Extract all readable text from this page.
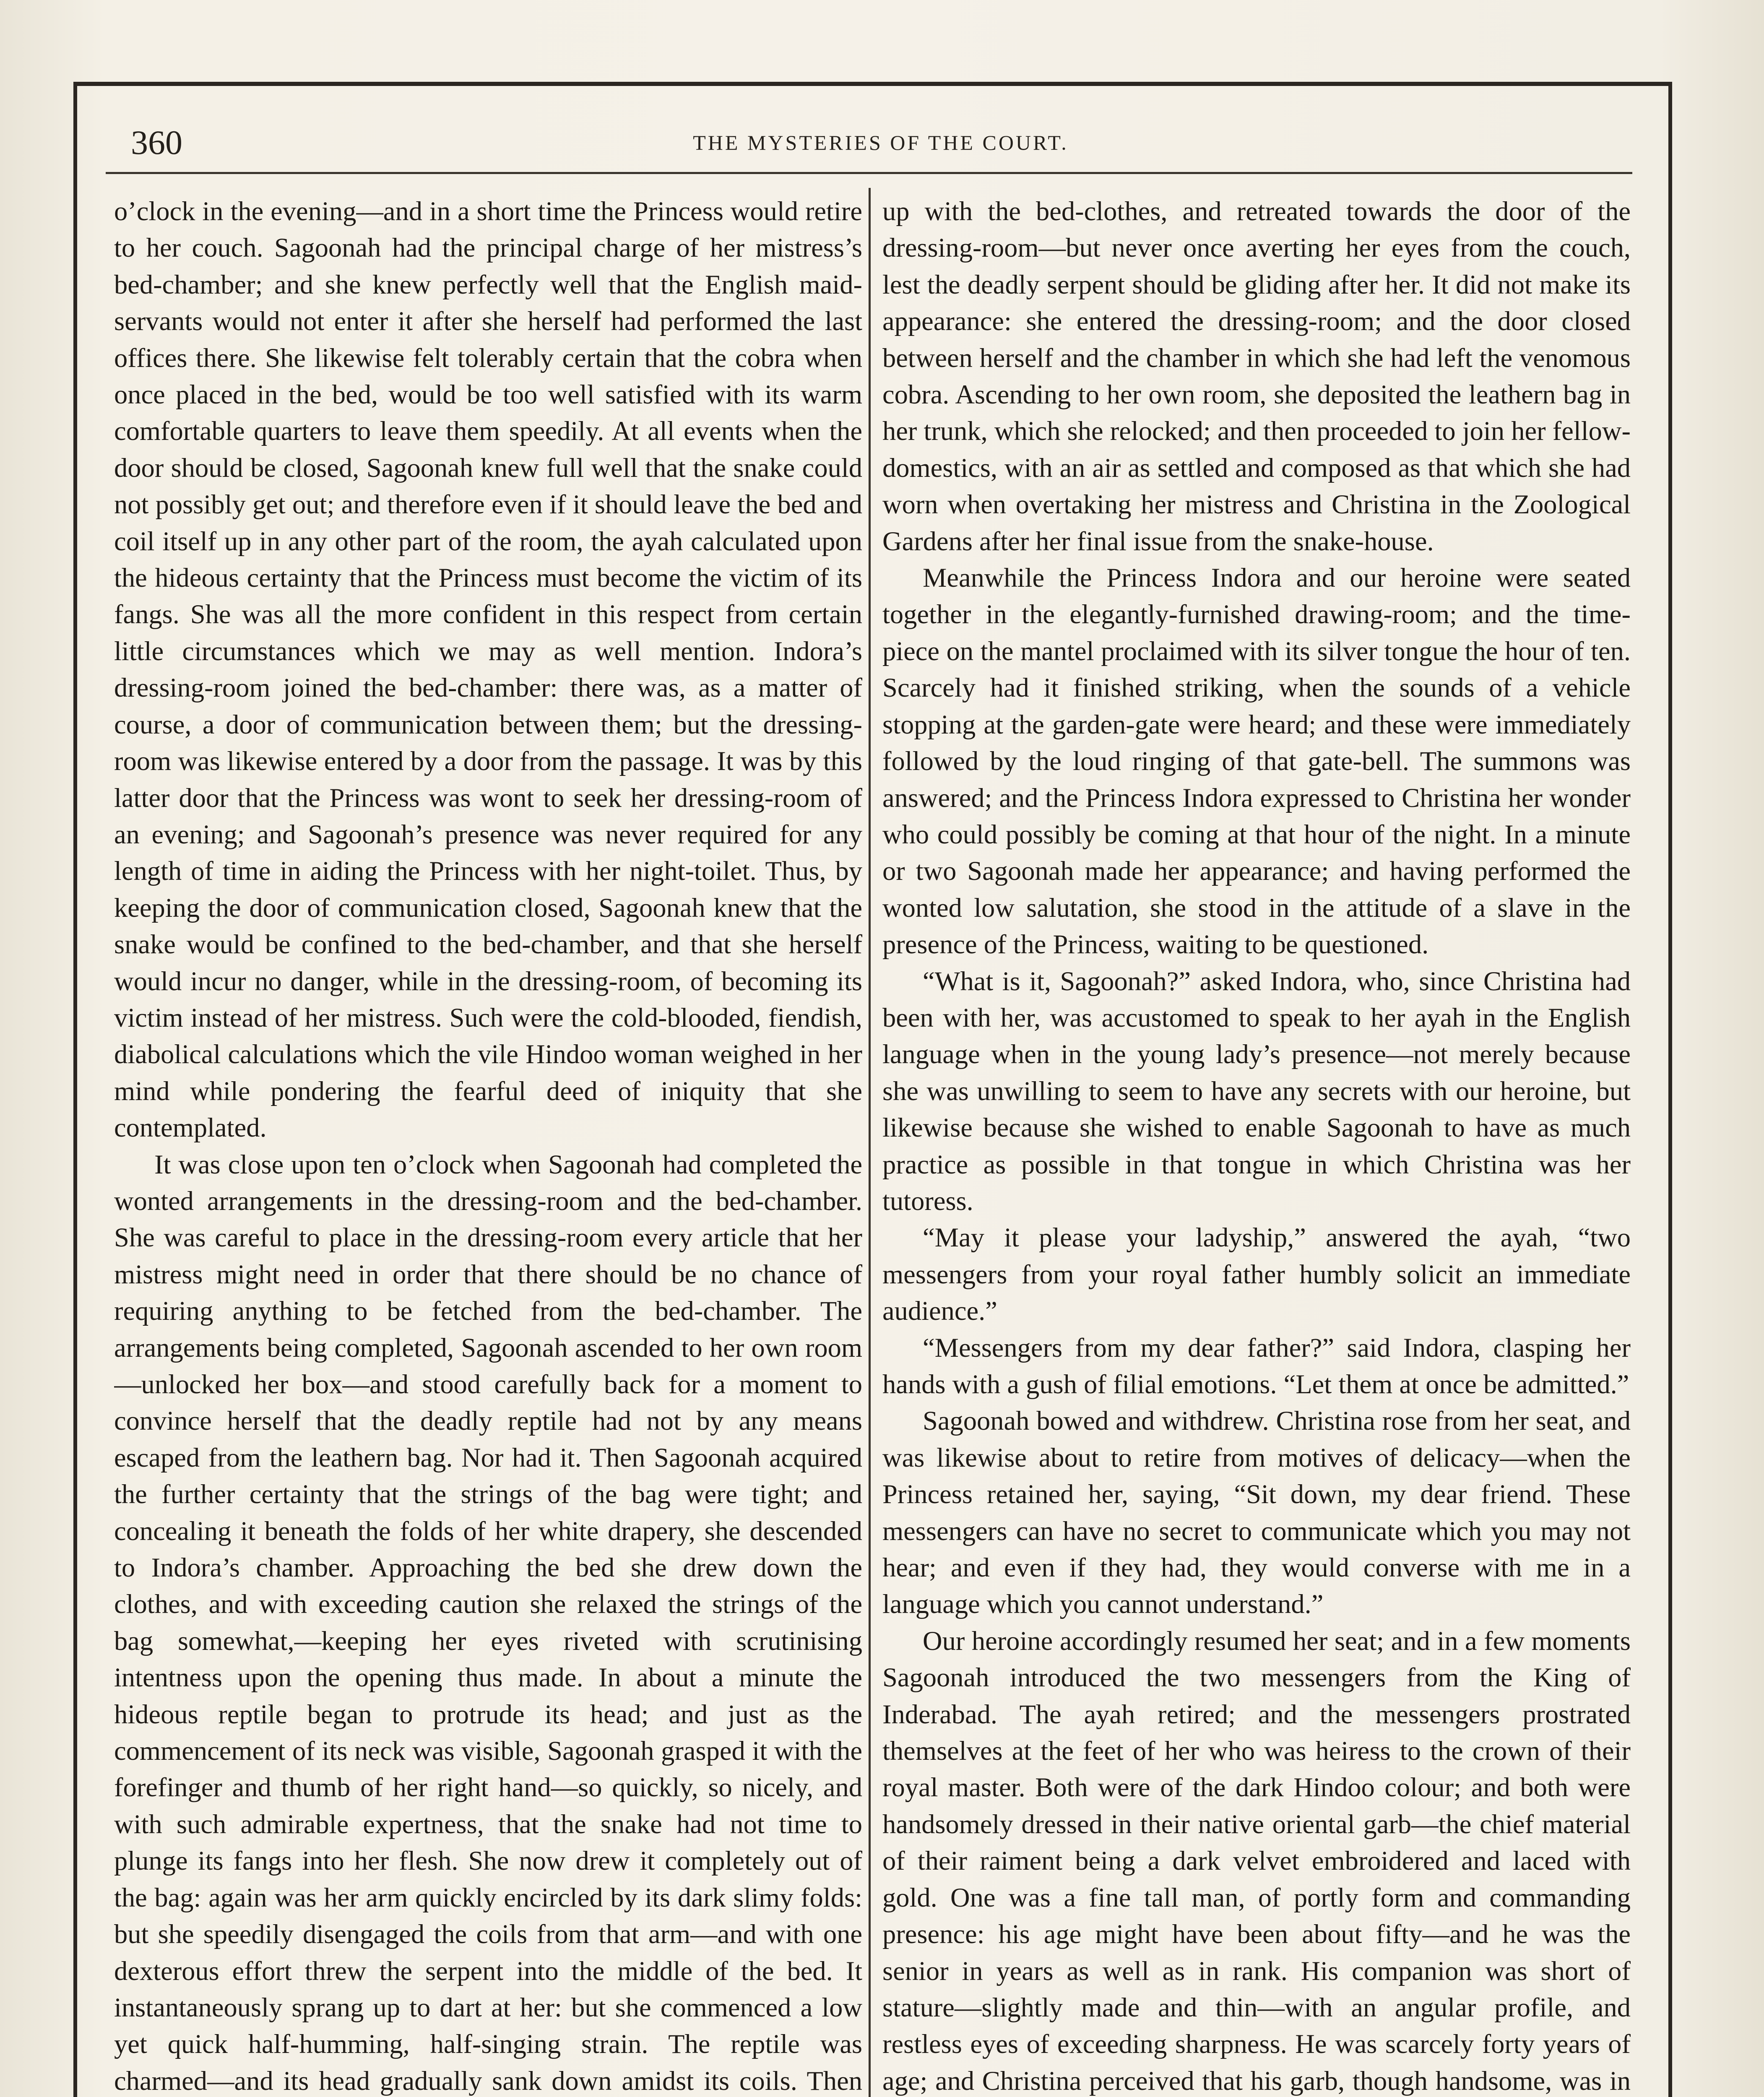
360	THE MYSTERIES OF THE COURT.

o’clock in the evening—and in a short time the Princess would retire to her couch. Sagoonah had the principal charge of her mistress’s bed-chamber; and she knew perfectly well that the English maid-servants would not enter it after she herself had performed the last offices there. She likewise felt tolerably certain that the cobra when once placed in the bed, would be too well satisfied with its warm comfortable quarters to leave them speedily. At all events when the door should be closed, Sagoonah knew full well that the snake could not possibly get out; and therefore even if it should leave the bed and coil itself up in any other part of the room, the ayah calculated upon the hideous certainty that the Princess must become the victim of its fangs. She was all the more confident in this respect from certain little circumstances which we may as well mention. Indora’s dressing-room joined the bed-chamber: there was, as a matter of course, a door of communication between them; but the dressing-room was likewise entered by a door from the passage. It was by this latter door that the Princess was wont to seek her dressing-room of an evening; and Sagoonah’s presence was never required for any length of time in aiding the Princess with her night-toilet. Thus, by keeping the door of communication closed, Sagoonah knew that the snake would be confined to the bed-chamber, and that she herself would incur no danger, while in the dressing-room, of becoming its victim instead of her mistress. Such were the cold-blooded, fiendish, diabolical calculations which the vile Hindoo woman weighed in her mind while pondering the fearful deed of iniquity that she contemplated.

It was close upon ten o’clock when Sagoonah had completed the wonted arrangements in the dressing-room and the bed-chamber. She was careful to place in the dressing-room every article that her mistress might need in order that there should be no chance of requiring anything to be fetched from the bed-chamber. The arrangements being completed, Sagoonah ascended to her own room—unlocked her box—and stood carefully back for a moment to convince herself that the deadly reptile had not by any means escaped from the leathern bag. Nor had it. Then Sagoonah acquired the further certainty that the strings of the bag were tight; and concealing it beneath the folds of her white drapery, she descended to Indora’s chamber. Approaching the bed she drew down the clothes, and with exceeding caution she relaxed the strings of the bag somewhat,—keeping her eyes riveted with scrutinising intentness upon the opening thus made. In about a minute the hideous reptile began to protrude its head; and just as the commencement of its neck was visible, Sagoonah grasped it with the forefinger and thumb of her right hand—so quickly, so nicely, and with such admirable expertness, that the snake had not time to plunge its fangs into her flesh. She now drew it completely out of the bag: again was her arm quickly encircled by its dark slimy folds: but she speedily disengaged the coils from that arm—and with one dexterous effort threw the serpent into the middle of the bed. It instantaneously sprang up to dart at her: but she commenced a low yet quick half-humming, half-singing strain. The reptile was charmed—and its head gradually sank down amidst its coils. Then

up with the bed-clothes, and retreated towards the door of the dressing-room—but never once averting her eyes from the couch, lest the deadly serpent should be gliding after her. It did not make its appearance: she entered the dressing-room; and the door closed between herself and the chamber in which she had left the venomous cobra. Ascending to her own room, she deposited the leathern bag in her trunk, which she relocked; and then proceeded to join her fellow-domestics, with an air as settled and composed as that which she had worn when overtaking her mistress and Christina in the Zoological Gardens after her final issue from the snake-house.

Meanwhile the Princess Indora and our heroine were seated together in the elegantly-furnished drawing-room; and the time-piece on the mantel proclaimed with its silver tongue the hour of ten. Scarcely had it finished striking, when the sounds of a vehicle stopping at the garden-gate were heard; and these were immediately followed by the loud ringing of that gate-bell. The summons was answered; and the Princess Indora expressed to Christina her wonder who could possibly be coming at that hour of the night. In a minute or two Sagoonah made her appearance; and having performed the wonted low salutation, she stood in the attitude of a slave in the presence of the Princess, waiting to be questioned.

“What is it, Sagoonah?” asked Indora, who, since Christina had been with her, was accustomed to speak to her ayah in the English language when in the young lady’s presence—not merely because she was unwilling to seem to have any secrets with our heroine, but likewise because she wished to enable Sagoonah to have as much practice as possible in that tongue in which Christina was her tutoress.

“May it please your ladyship,” answered the ayah, “two messengers from your royal father humbly solicit an immediate audience.”

“Messengers from my dear father?” said Indora, clasping her hands with a gush of filial emotions. “Let them at once be admitted.”

Sagoonah bowed and withdrew. Christina rose from her seat, and was likewise about to retire from motives of delicacy—when the Princess retained her, saying, “Sit down, my dear friend. These messengers can have no secret to communicate which you may not hear; and even if they had, they would converse with me in a language which you cannot understand.”

Our heroine accordingly resumed her seat; and in a few moments Sagoonah introduced the two messengers from the King of Inderabad. The ayah retired; and the messengers prostrated themselves at the feet of her who was heiress to the crown of their royal master. Both were of the dark Hindoo colour; and both were handsomely dressed in their native oriental garb—the chief material of their raiment being a dark velvet embroidered and laced with gold. One was a fine tall man, of portly form and commanding presence: his age might have been about fifty—and he was the senior in years as well as in rank. His companion was short of stature—slightly made and thin—with an angular profile, and restless eyes of exceeding sharpness. He was scarcely forty years of age; and Christina perceived that his garb, though handsome, was in
